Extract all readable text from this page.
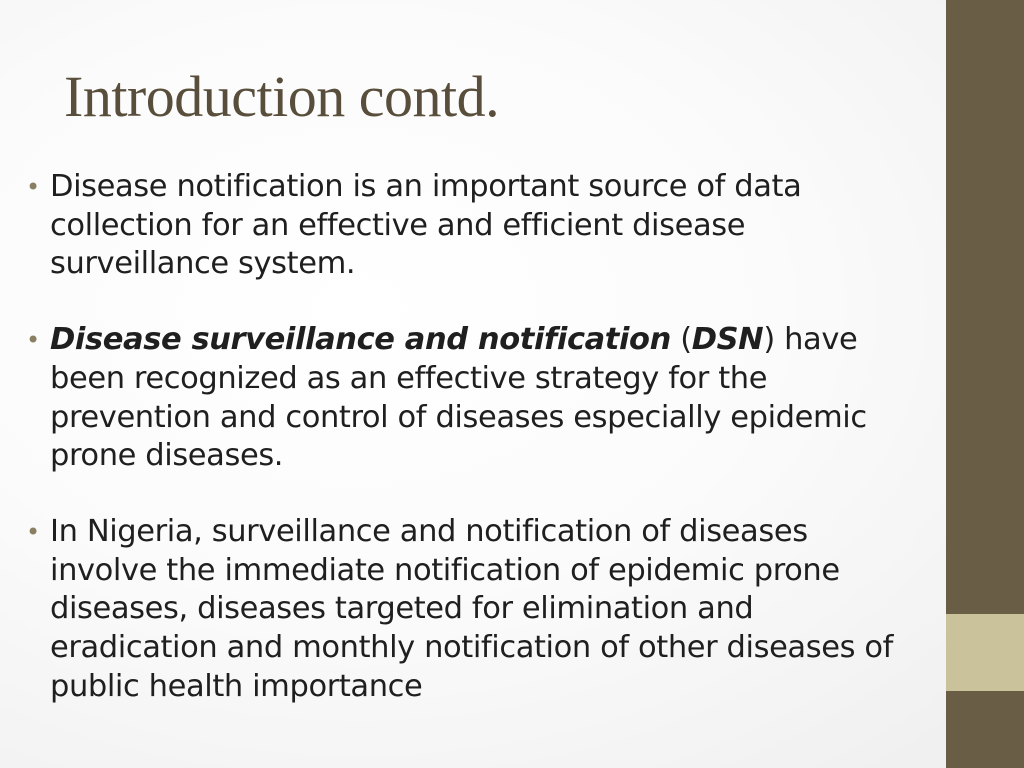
Introduction contd.
• Disease notification is an important source of data collection for an effective and efficient disease surveillance system.
• Disease surveillance and notification (DSN) have been recognized as an effective strategy for the prevention and control of diseases especially epidemic prone diseases.
• In Nigeria, surveillance and notification of diseases involve the immediate notification of epidemic prone diseases, diseases targeted for elimination and eradication and monthly notification of other diseases of public health importance
